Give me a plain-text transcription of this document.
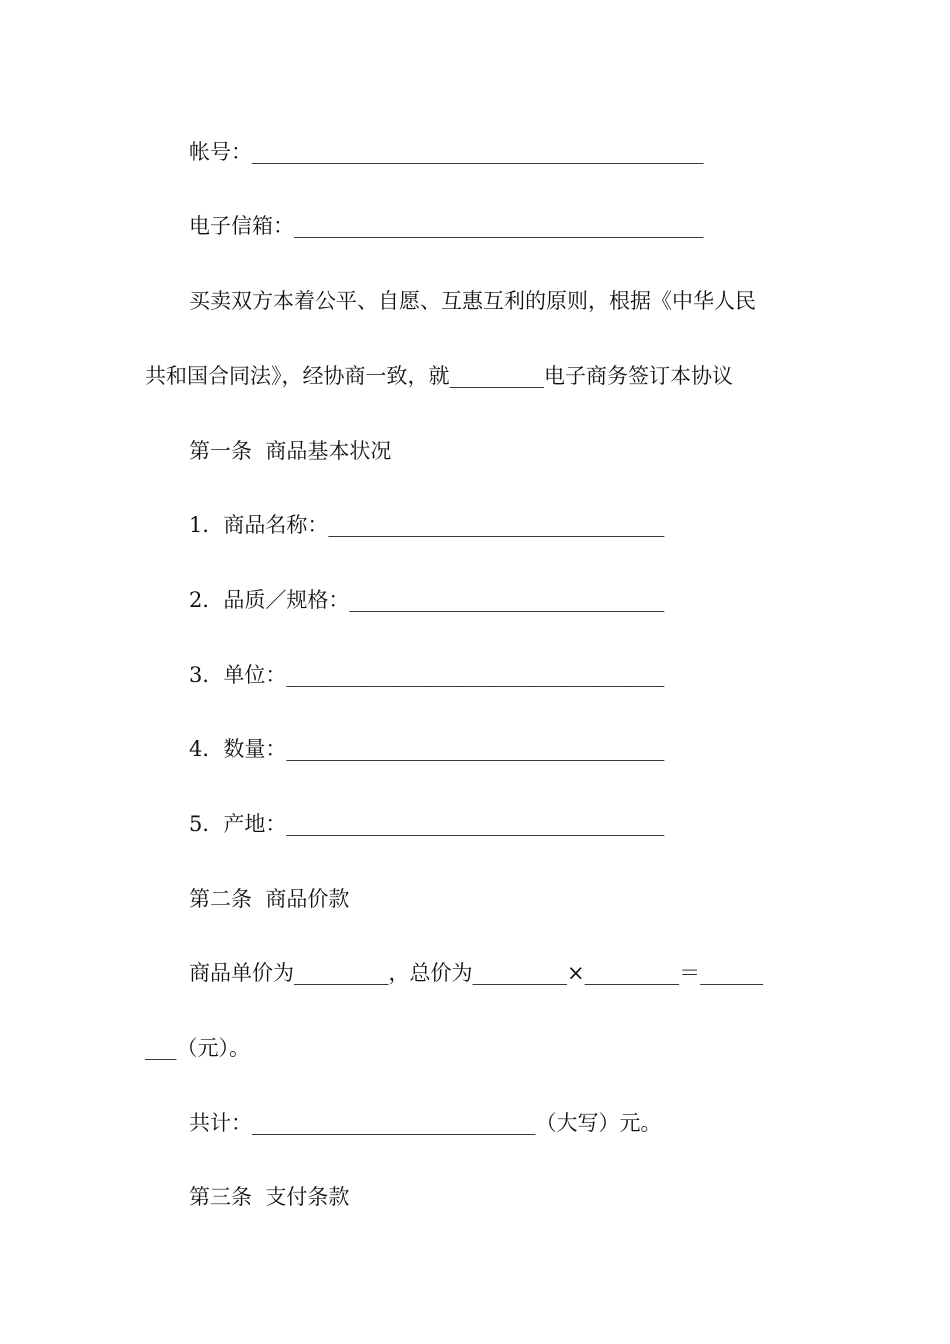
帐号：___________________________________________
电子信箱：_______________________________________
买卖双方本着公平、自愿、互惠互利的原则，根据《中华人民
共和国合同法》，经协商一致，就_________电子商务签订本协议
第一条  商品基本状况
1．商品名称：________________________________
2．品质／规格：______________________________
3．单位：____________________________________
4．数量：____________________________________
5．产地：____________________________________
第二条  商品价款
商品单价为_________，总价为_________×_________＝______
___（元）。
共计：___________________________（大写）元。
第三条  支付条款
